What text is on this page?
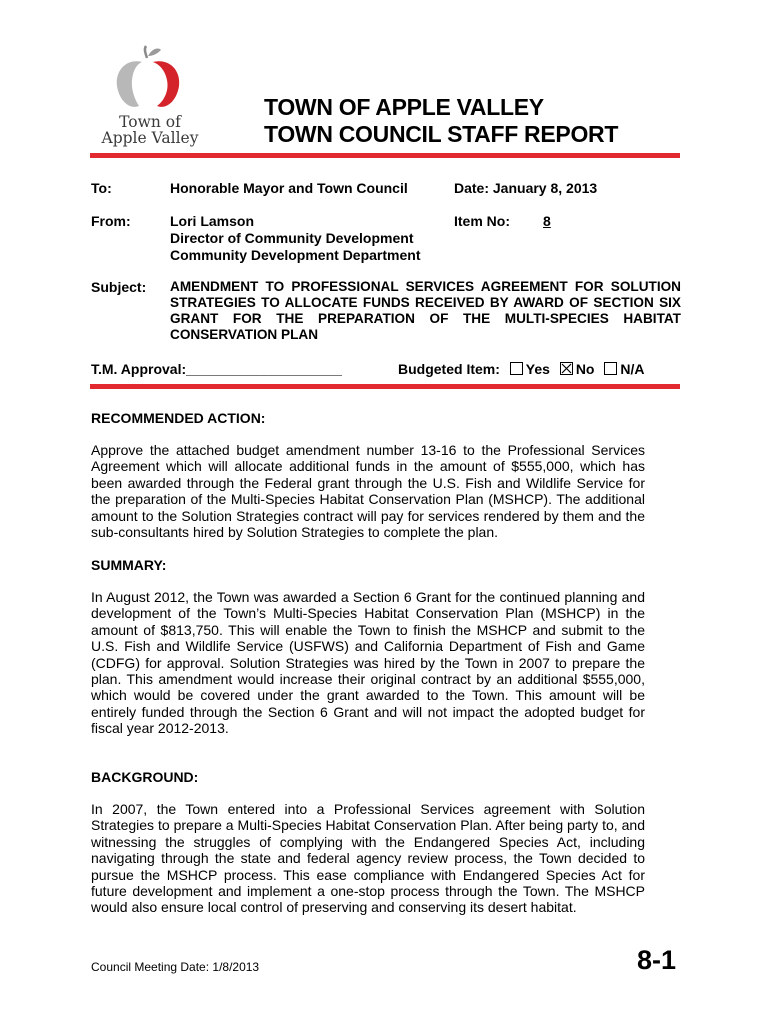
Town of
Apple Valley
TOWN OF APPLE VALLEY
TOWN COUNCIL STAFF REPORT
To:	Honorable Mayor and Town Council	Date: January 8, 2013
From:	Lori Lamson
Director of Community Development
Community Development Department
Item No: 8
Subject: AMENDMENT TO PROFESSIONAL SERVICES AGREEMENT FOR SOLUTION STRATEGIES TO ALLOCATE FUNDS RECEIVED BY AWARD OF SECTION SIX GRANT FOR THE PREPARATION OF THE MULTI-SPECIES HABITAT CONSERVATION PLAN
T.M. Approval:____________________	Budgeted Item: Yes No N/A
RECOMMENDED ACTION:
Approve the attached budget amendment number 13-16 to the Professional Services Agreement which will allocate additional funds in the amount of $555,000, which has been awarded through the Federal grant through the U.S. Fish and Wildlife Service for the preparation of the Multi-Species Habitat Conservation Plan (MSHCP). The additional amount to the Solution Strategies contract will pay for services rendered by them and the sub-consultants hired by Solution Strategies to complete the plan.
SUMMARY:
In August 2012, the Town was awarded a Section 6 Grant for the continued planning and development of the Town’s Multi-Species Habitat Conservation Plan (MSHCP) in the amount of $813,750. This will enable the Town to finish the MSHCP and submit to the U.S. Fish and Wildlife Service (USFWS) and California Department of Fish and Game (CDFG) for approval. Solution Strategies was hired by the Town in 2007 to prepare the plan. This amendment would increase their original contract by an additional $555,000, which would be covered under the grant awarded to the Town. This amount will be entirely funded through the Section 6 Grant and will not impact the adopted budget for fiscal year 2012-2013.
BACKGROUND:
In 2007, the Town entered into a Professional Services agreement with Solution Strategies to prepare a Multi-Species Habitat Conservation Plan. After being party to, and witnessing the struggles of complying with the Endangered Species Act, including navigating through the state and federal agency review process, the Town decided to pursue the MSHCP process. This ease compliance with Endangered Species Act for future development and implement a one-stop process through the Town. The MSHCP would also ensure local control of preserving and conserving its desert habitat.
Council Meeting Date: 1/8/2013	8-1
